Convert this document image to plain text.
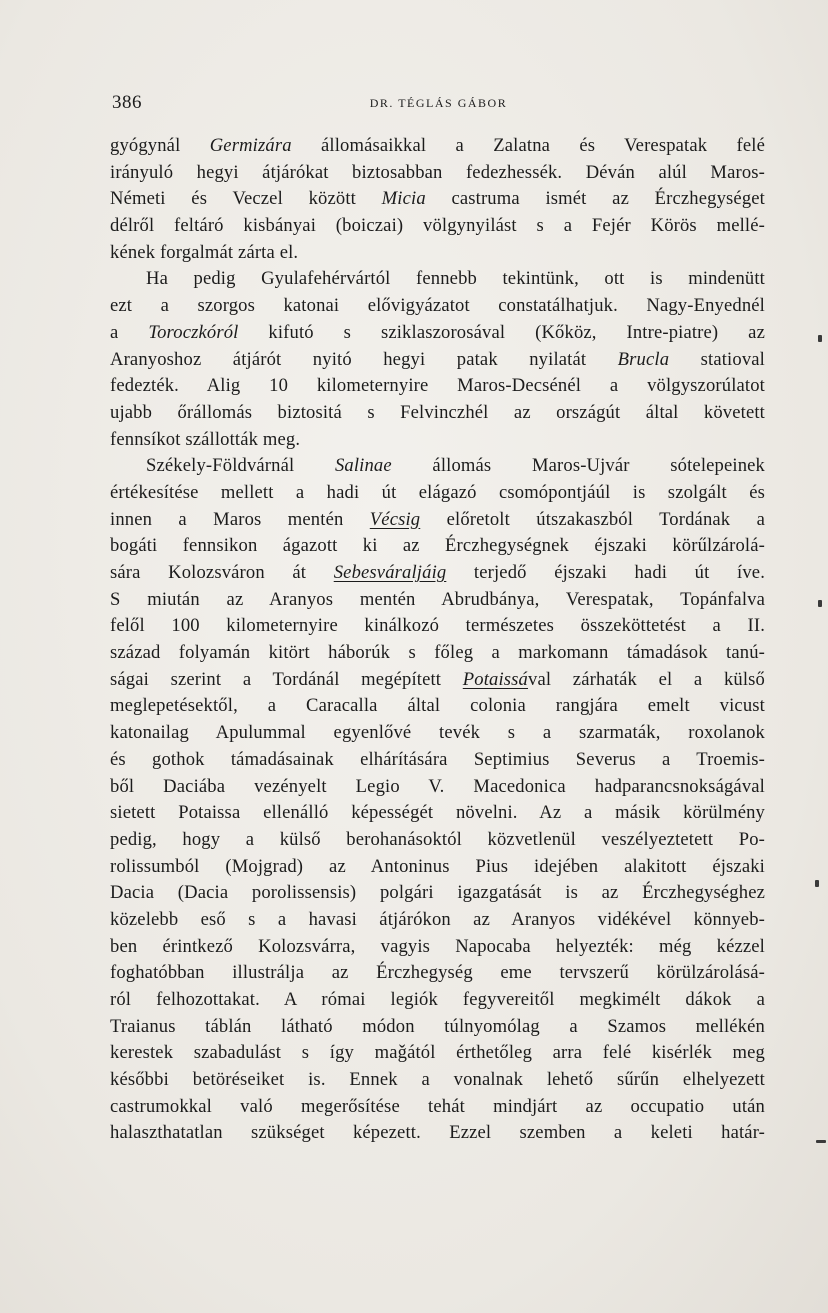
386	DR. TÉGLÁS GÁBOR
gyógynál Germizára állomásaikkal a Zalatna és Verespatak felé
irányuló hegyi átjárókat biztosabban fedezhessék. Déván alúl Maros-
Németi és Veczel között Micia castruma ismét az Érczhegységet
délről feltáró kisbányai (boiczai) völgynyilást s a Fejér Körös mellé-
kének forgalmát zárta el.
Ha pedig Gyulafehérvártól fennebb tekintünk, ott is mindenütt
ezt a szorgos katonai elővigyázatot constatálhatjuk. Nagy-Enyednél
a Toroczkóról kifutó s sziklaszorosával (Kőköz, Intre-piatre) az
Aranyoshoz átjárót nyitó hegyi patak nyilatát Brucla statioval
fedezték. Alig 10 kilometernyire Maros-Decsénél a völgyszorúlatot
ujabb őrállomás biztositá s Felvinczhél az országút által követett
fennsíkot szállották meg.
Székely-Földvárnál Salinae állomás Maros-Ujvár sótelepeinek
értékesítése mellett a hadi út elágazó csomópontjáúl is szolgált és
innen a Maros mentén Vécsig előretolt útszakaszból Tordának a
bogáti fennsikon ágazott ki az Érczhegységnek éjszaki körűlzárolá-
sára Kolozsváron át Sebesváraljáig terjedő éjszaki hadi út íve.
S miután az Aranyos mentén Abrudbánya, Verespatak, Topánfalva
felől 100 kilometernyire kinálkozó természetes összeköttetést a II.
század folyamán kitört háborúk s főleg a markomann támadások tanú-
ságai szerint a Tordánál megépített Potaissával zárhaták el a külső
meglepetésektől, a Caracalla által colonia rangjára emelt vicust
katonailag Apulummal egyenlővé tevék s a szarmaták, roxolanok
és gothok támadásainak elhárítására Septimius Severus a Troemis-
ből Daciába vezényelt Legio V. Macedonica hadparancsnokságával
sietett Potaissa ellenálló képességét növelni. Az a másik körülmény
pedig, hogy a külső berohanásoktól közvetlenül veszélyeztetett Po-
rolissumból (Mojgrad) az Antoninus Pius idejében alakitott éjszaki
Dacia (Dacia porolissensis) polgári igazgatását is az Érczhegységhez
közelebb eső s a havasi átjárókon az Aranyos vidékével könnyeb-
ben érintkező Kolozsvárra, vagyis Napocaba helyezték: még kézzel
foghatóbban illustrálja az Érczhegység eme tervszerű körülzárolásá-
ról felhozottakat. A római legiók fegyvereitől megkimélt dákok a
Traianus táblán látható módon túlnyomólag a Szamos mellékén
kerestek szabadulást s így maǧától érthetőleg arra felé kisérlék meg
későbbi betöréseiket is. Ennek a vonalnak lehető sűrűn elhelyezett
castrumokkal való megerősítése tehát mindjárt az occupatio után
halaszthatatlan szükséget képezett. Ezzel szemben a keleti határ-
